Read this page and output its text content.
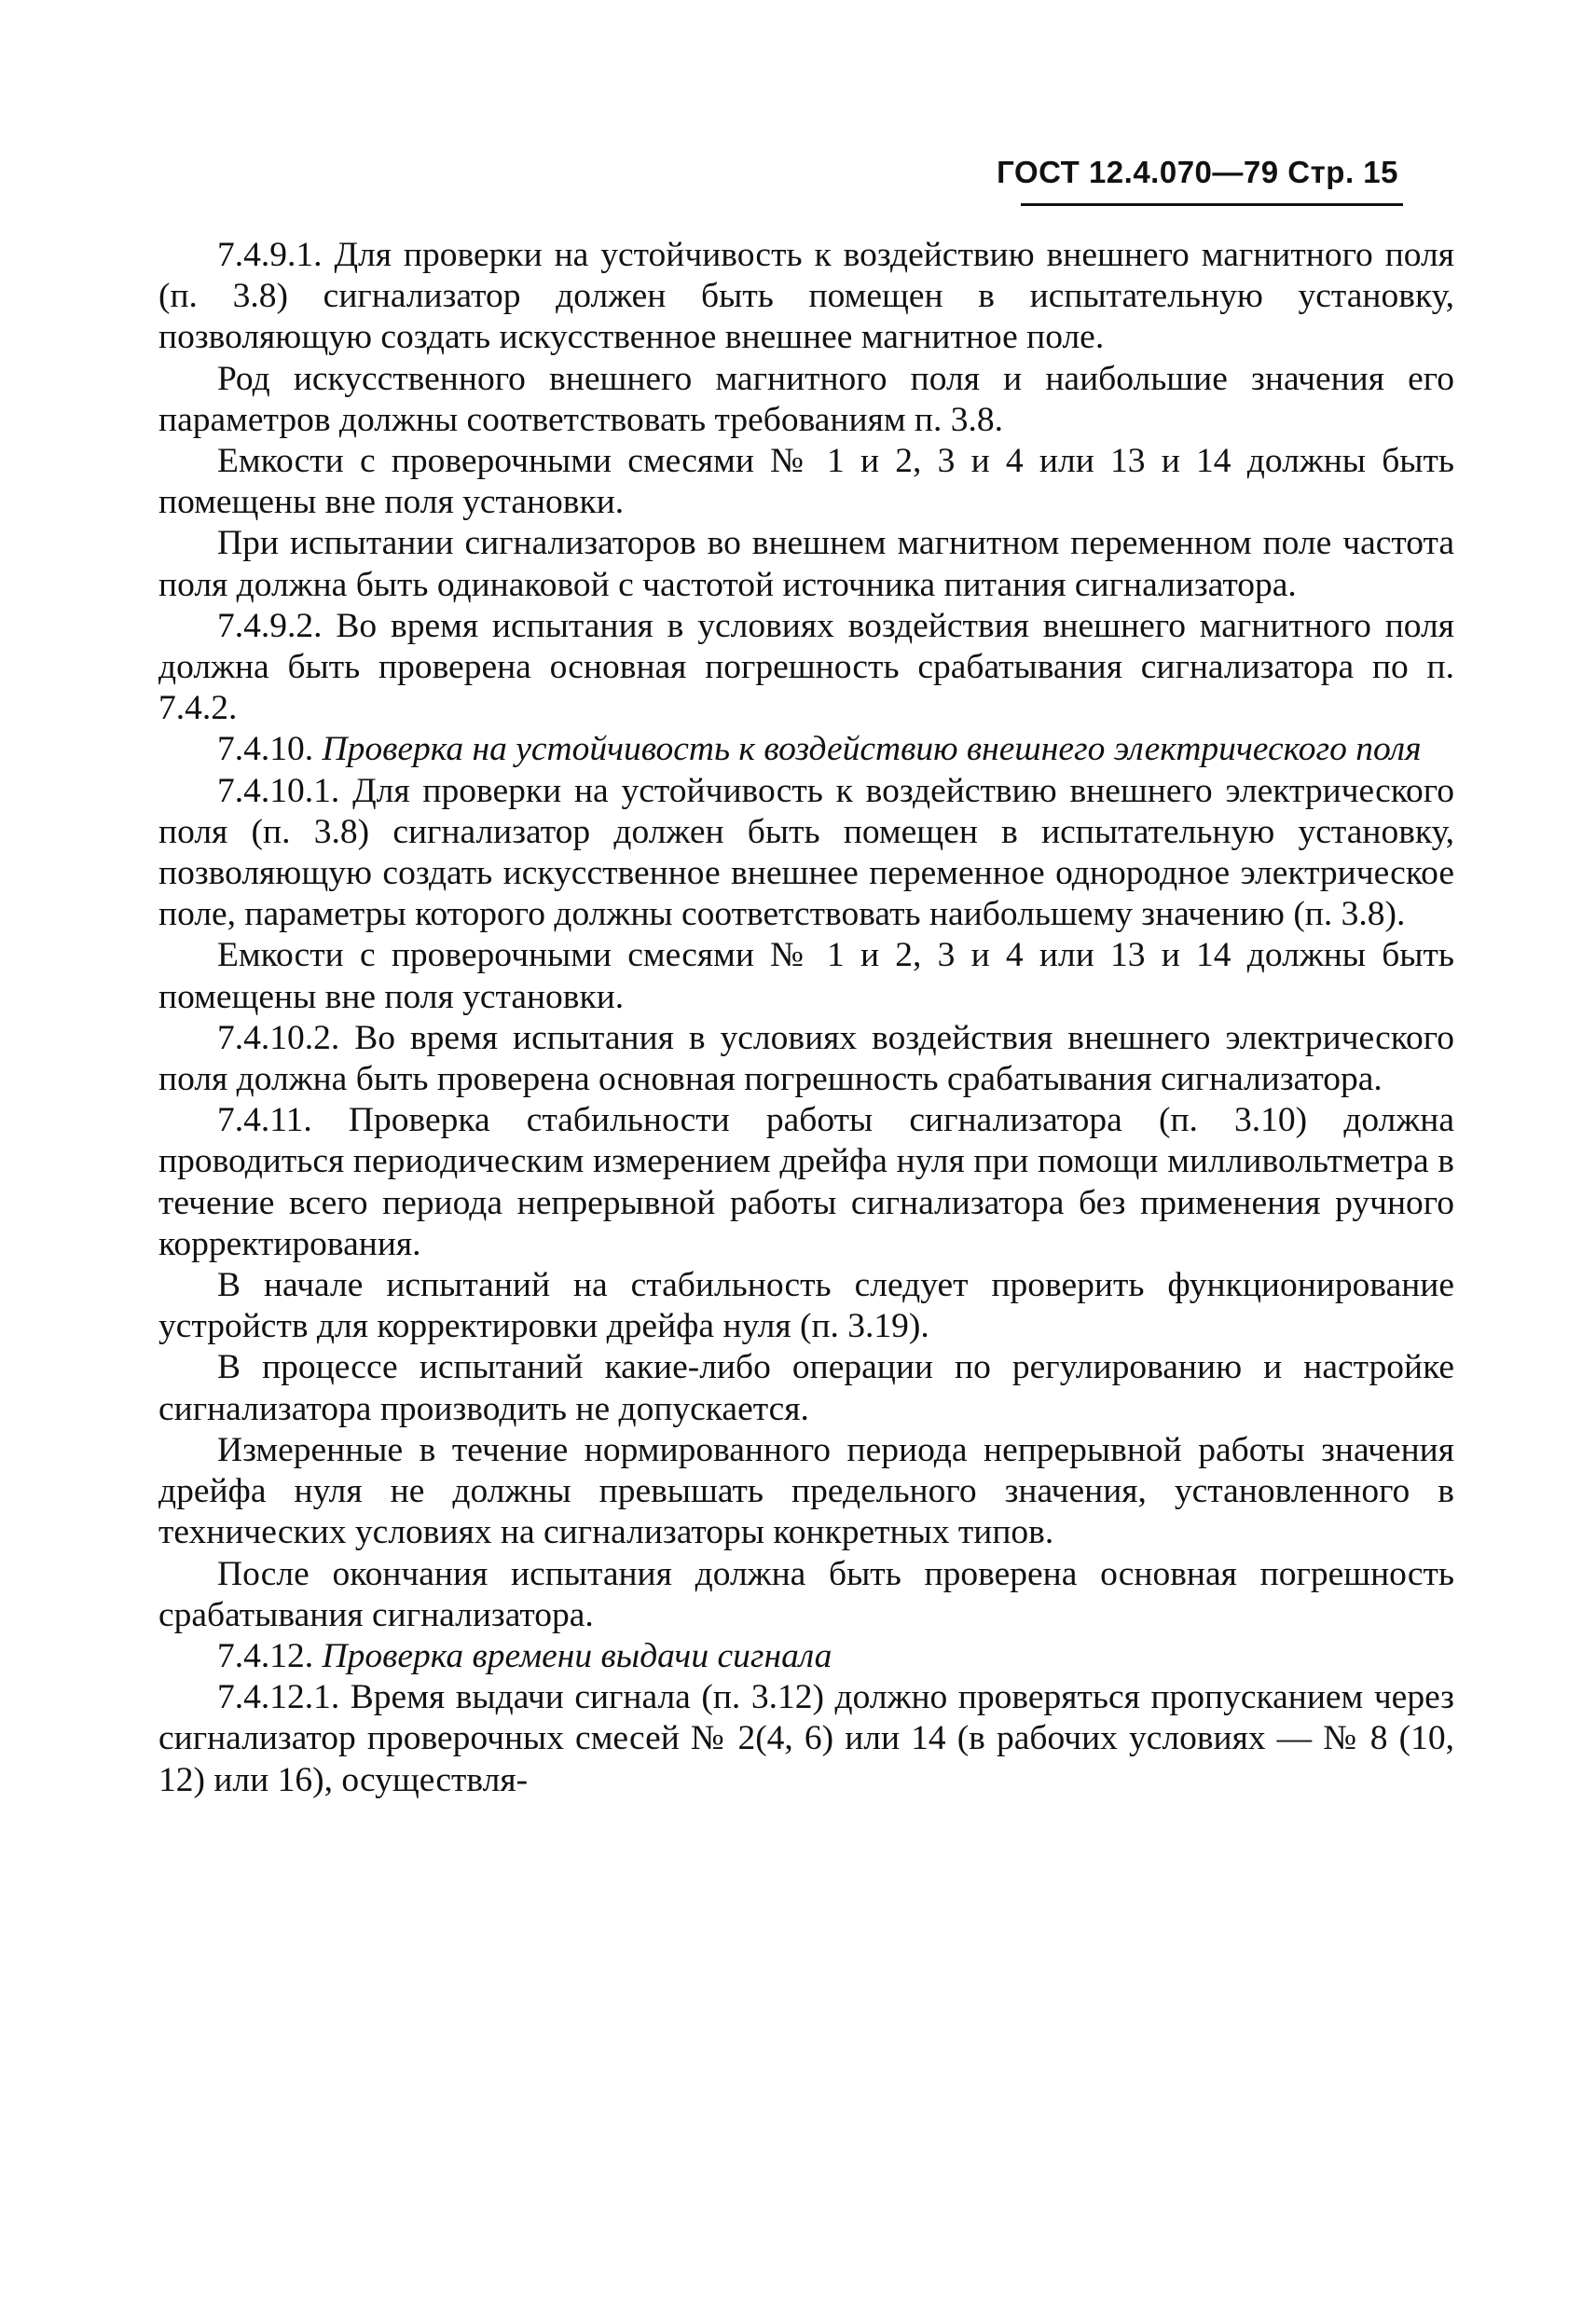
ГОСТ 12.4.070—79 Стр. 15

7.4.9.1. Для проверки на устойчивость к воздействию внешнего магнитного поля (п. 3.8) сигнализатор должен быть помещен в испытательную установку, позволяющую создать искусственное внешнее магнитное поле.

Род искусственного внешнего магнитного поля и наибольшие значения его параметров должны соответствовать требованиям п. 3.8.

Емкости с проверочными смесями № 1 и 2, 3 и 4 или 13 и 14 должны быть помещены вне поля установки.

При испытании сигнализаторов во внешнем магнитном переменном поле частота поля должна быть одинаковой с частотой источника питания сигнализатора.

7.4.9.2. Во время испытания в условиях воздействия внешнего магнитного поля должна быть проверена основная погрешность срабатывания сигнализатора по п. 7.4.2.

7.4.10. Проверка на устойчивость к воздействию внешнего электрического поля

7.4.10.1. Для проверки на устойчивость к воздействию внешнего электрического поля (п. 3.8) сигнализатор должен быть помещен в испытательную установку, позволяющую создать искусственное внешнее переменное однородное электрическое поле, параметры которого должны соответствовать наибольшему значению (п. 3.8).

Емкости с проверочными смесями № 1 и 2, 3 и 4 или 13 и 14 должны быть помещены вне поля установки.

7.4.10.2. Во время испытания в условиях воздействия внешнего электрического поля должна быть проверена основная погрешность срабатывания сигнализатора.

7.4.11. Проверка стабильности работы сигнализатора (п. 3.10) должна проводиться периодическим измерением дрейфа нуля при помощи милливольтметра в течение всего периода непрерывной работы сигнализатора без применения ручного корректирования.

В начале испытаний на стабильность следует проверить функционирование устройств для корректировки дрейфа нуля (п. 3.19).

В процессе испытаний какие-либо операции по регулированию и настройке сигнализатора производить не допускается.

Измеренные в течение нормированного периода непрерывной работы значения дрейфа нуля не должны превышать предельного значения, установленного в технических условиях на сигнализаторы конкретных типов.

После окончания испытания должна быть проверена основная погрешность срабатывания сигнализатора.

7.4.12. Проверка времени выдачи сигнала

7.4.12.1. Время выдачи сигнала (п. 3.12) должно проверяться пропусканием через сигнализатор проверочных смесей № 2(4, 6) или 14 (в рабочих условиях — № 8 (10, 12) или 16), осуществля-
